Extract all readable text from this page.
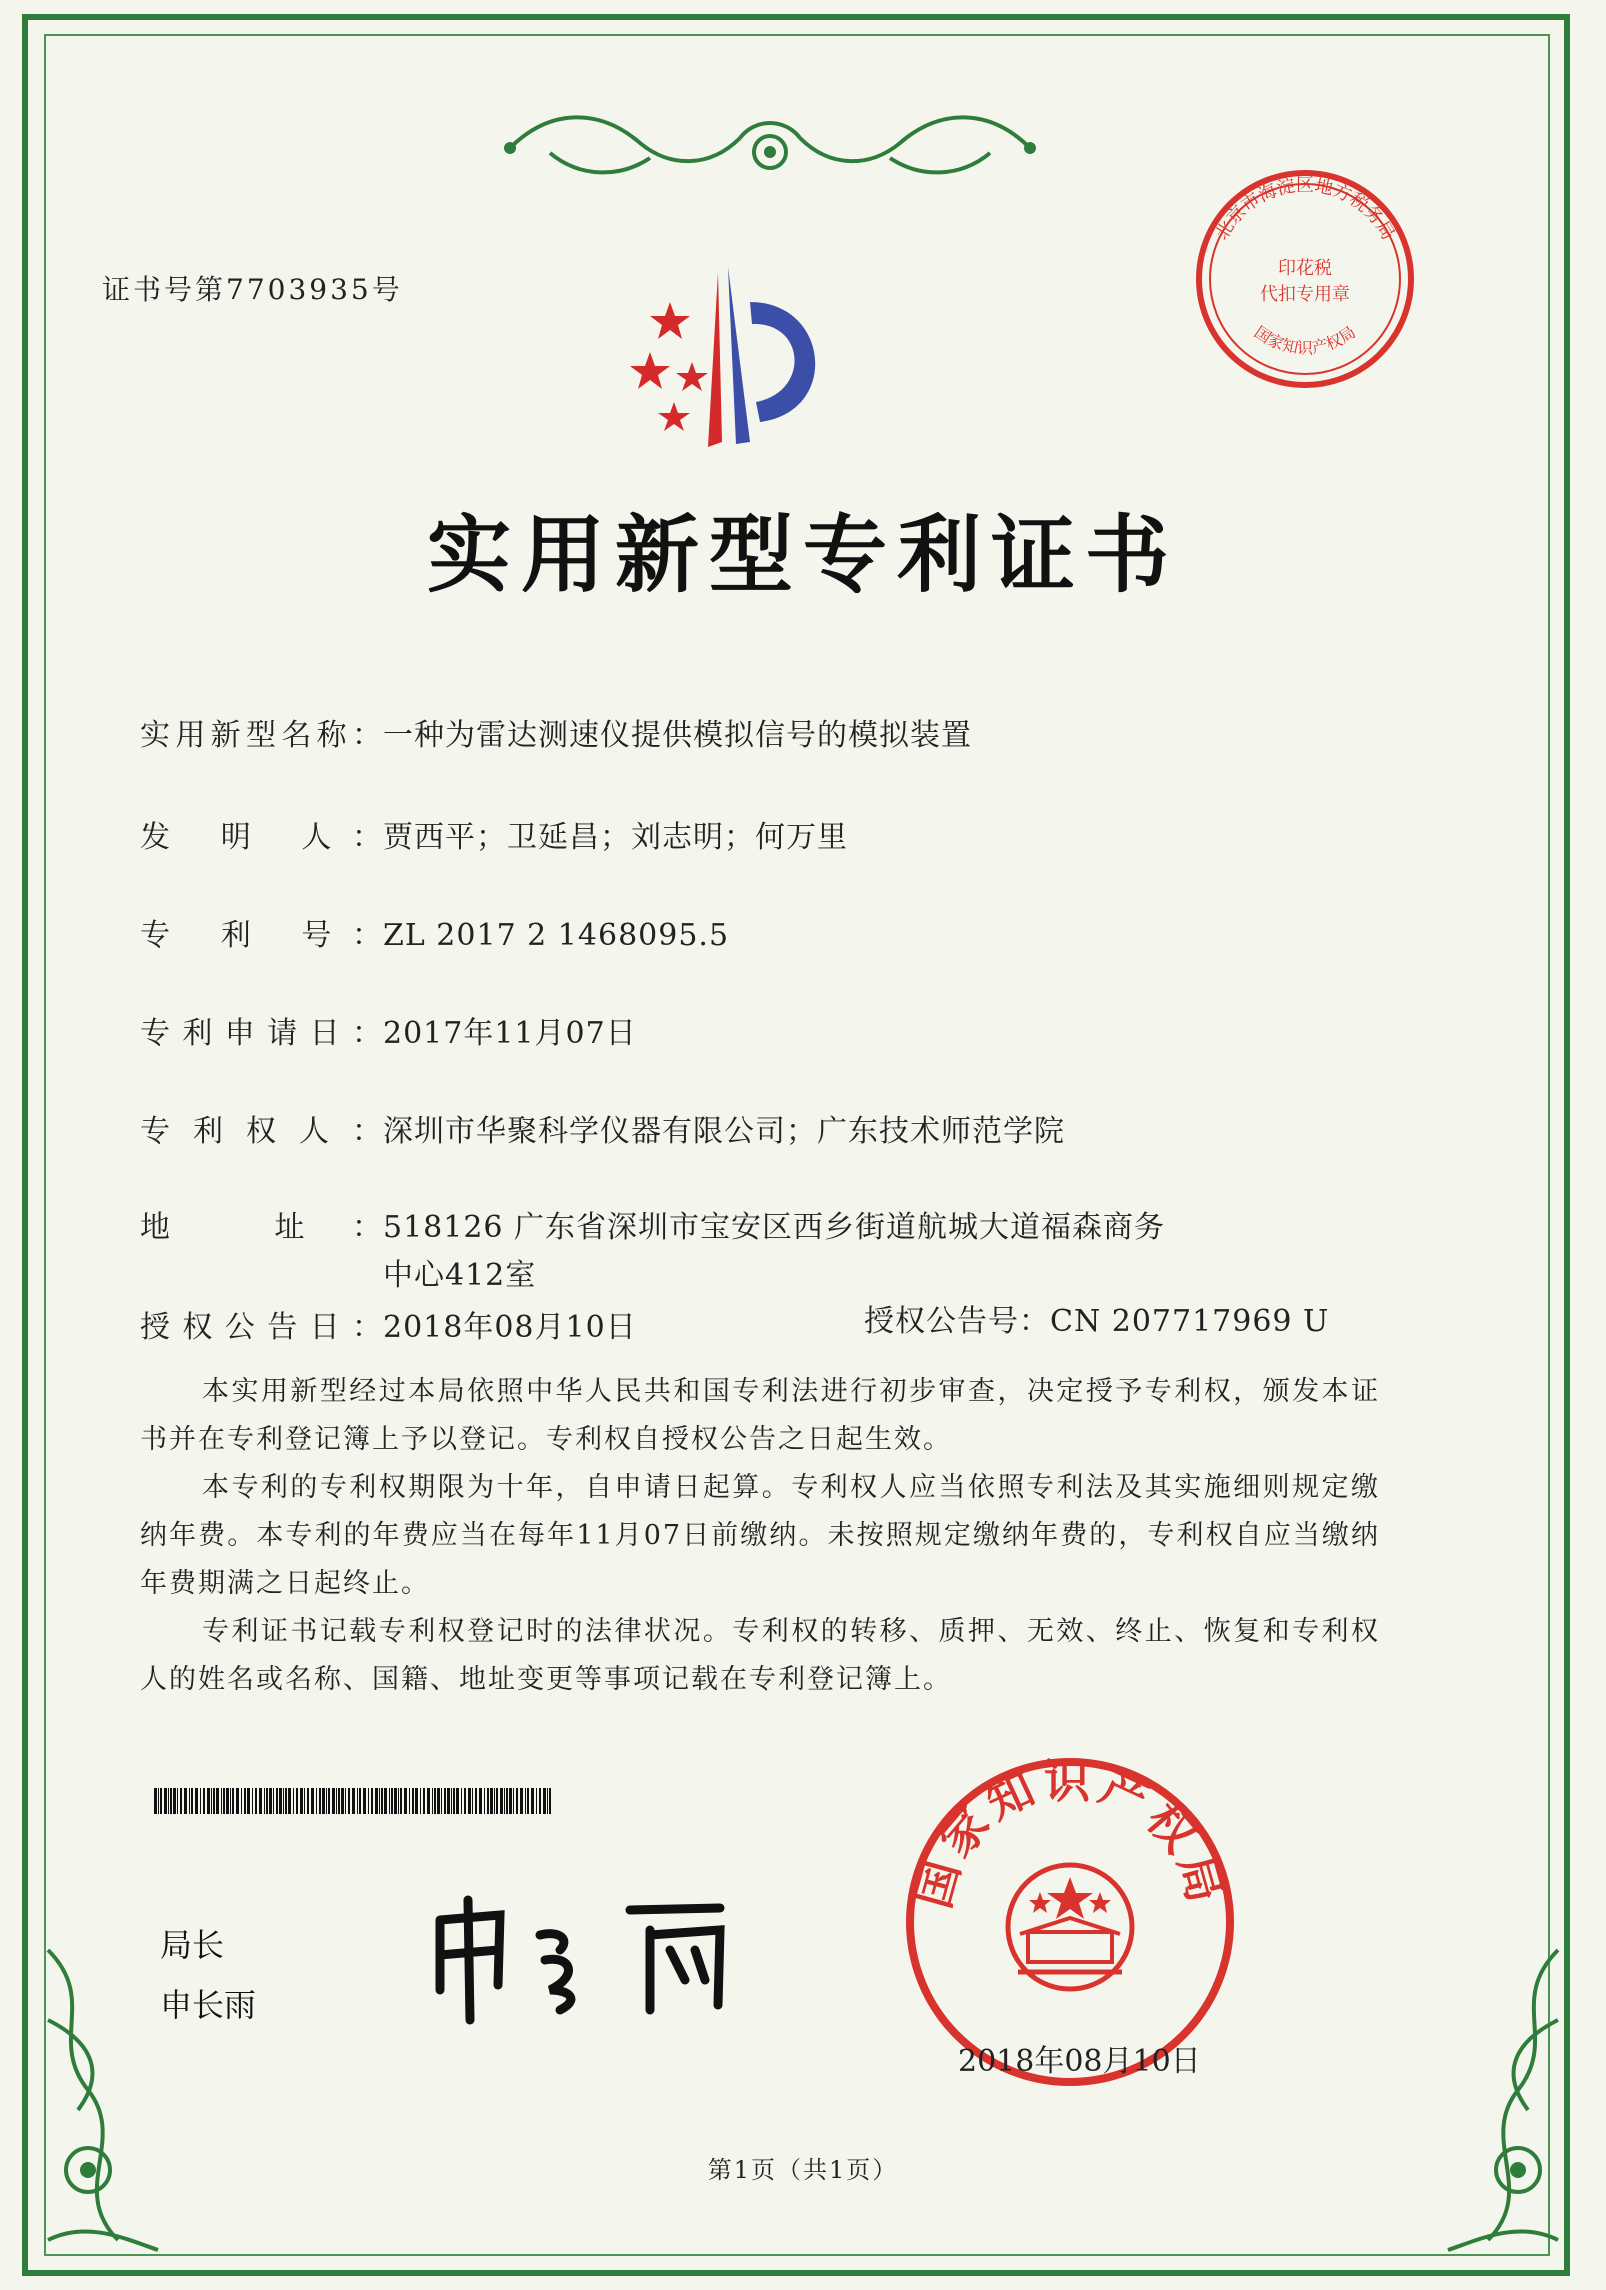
证书号第7703935号
北京市海淀区地方税务局
印花税
代扣专用章
国家知识产权局
实用新型专利证书
实用新型名称：一种为雷达测速仪提供模拟信号的模拟装置
发 明 人：贾西平；卫延昌；刘志明；何万里
专 利 号：ZL 2017 2 1468095.5
专利申请日：2017年11月07日
专利权人：深圳市华聚科学仪器有限公司；广东技术师范学院
地 址：518126 广东省深圳市宝安区西乡街道航城大道福森商务
中心412室
授权公告日：2018年08月10日	授权公告号：CN 207717969 U

本实用新型经过本局依照中华人民共和国专利法进行初步审查，决定授予专利权，颁发本证书并在专利登记簿上予以登记。专利权自授权公告之日起生效。

本专利的专利权期限为十年，自申请日起算。专利权人应当依照专利法及其实施细则规定缴纳年费。本专利的年费应当在每年11月07日前缴纳。未按照规定缴纳年费的，专利权自应当缴纳年费期满之日起终止。

专利证书记载专利权登记时的法律状况。专利权的转移、质押、无效、终止、恢复和专利权人的姓名或名称、国籍、地址变更等事项记载在专利登记簿上。

局长
申长雨
国家知识产权局
2018年08月10日
第1页（共1页）
